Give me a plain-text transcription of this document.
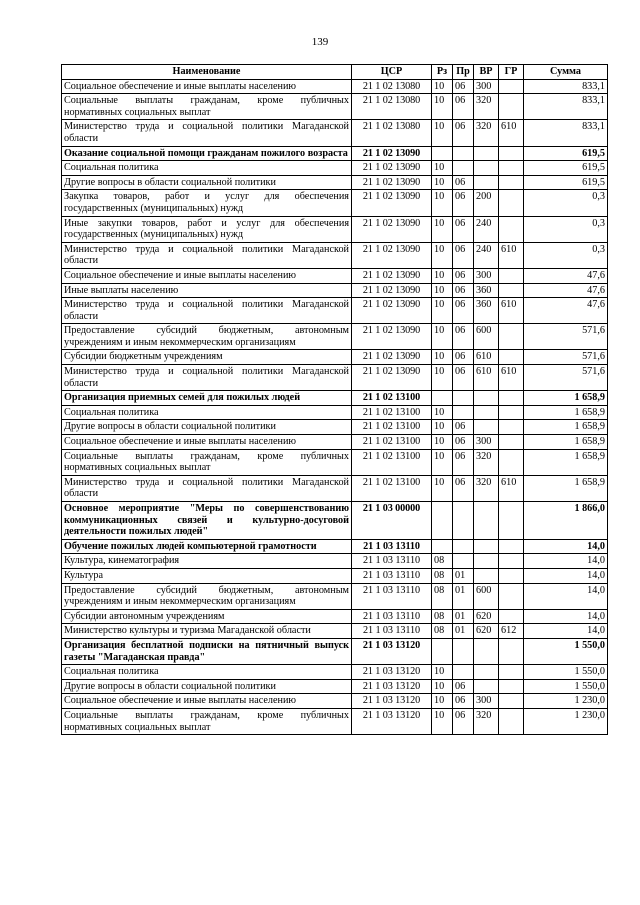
139
Наименование	ЦСР	Рз	Пр	ВР	ГР	Сумма
Социальное обеспечение и иные выплаты населению	21 1 02 13080	10	06	300		833,1
Социальные выплаты гражданам, кроме публичных нормативных социальных выплат	21 1 02 13080	10	06	320		833,1
Министерство труда и социальной политики Магаданской области	21 1 02 13080	10	06	320	610	833,1
Оказание социальной помощи гражданам пожилого возраста	21 1 02 13090					619,5
Социальная политика	21 1 02 13090	10				619,5
Другие вопросы в области социальной политики	21 1 02 13090	10	06			619,5
Закупка товаров, работ и услуг для обеспечения государственных (муниципальных) нужд	21 1 02 13090	10	06	200		0,3
Иные закупки товаров, работ и услуг для обеспечения государственных (муниципальных) нужд	21 1 02 13090	10	06	240		0,3
Министерство труда и социальной политики Магаданской области	21 1 02 13090	10	06	240	610	0,3
Социальное обеспечение и иные выплаты населению	21 1 02 13090	10	06	300		47,6
Иные выплаты населению	21 1 02 13090	10	06	360		47,6
Министерство труда и социальной политики Магаданской области	21 1 02 13090	10	06	360	610	47,6
Предоставление субсидий бюджетным, автономным учреждениям и иным некоммерческим организациям	21 1 02 13090	10	06	600		571,6
Субсидии бюджетным учреждениям	21 1 02 13090	10	06	610		571,6
Министерство труда и социальной политики Магаданской области	21 1 02 13090	10	06	610	610	571,6
Организация приемных семей для пожилых людей	21 1 02 13100					1 658,9
Социальная политика	21 1 02 13100	10				1 658,9
Другие вопросы в области социальной политики	21 1 02 13100	10	06			1 658,9
Социальное обеспечение и иные выплаты населению	21 1 02 13100	10	06	300		1 658,9
Социальные выплаты гражданам, кроме публичных нормативных социальных выплат	21 1 02 13100	10	06	320		1 658,9
Министерство труда и социальной политики Магаданской области	21 1 02 13100	10	06	320	610	1 658,9
Основное мероприятие "Меры по совершенствованию коммуникационных связей и культурно-досуговой деятельности пожилых людей"	21 1 03 00000					1 866,0
Обучение пожилых людей компьютерной грамотности	21 1 03 13110					14,0
Культура, кинематография	21 1 03 13110	08				14,0
Культура	21 1 03 13110	08	01			14,0
Предоставление субсидий бюджетным, автономным учреждениям и иным некоммерческим организациям	21 1 03 13110	08	01	600		14,0
Субсидии автономным учреждениям	21 1 03 13110	08	01	620		14,0
Министерство культуры и туризма Магаданской области	21 1 03 13110	08	01	620	612	14,0
Организация бесплатной подписки на пятничный выпуск газеты "Магаданская правда"	21 1 03 13120					1 550,0
Социальная политика	21 1 03 13120	10				1 550,0
Другие вопросы в области социальной политики	21 1 03 13120	10	06			1 550,0
Социальное обеспечение и иные выплаты населению	21 1 03 13120	10	06	300		1 230,0
Социальные выплаты гражданам, кроме публичных нормативных социальных выплат	21 1 03 13120	10	06	320		1 230,0
